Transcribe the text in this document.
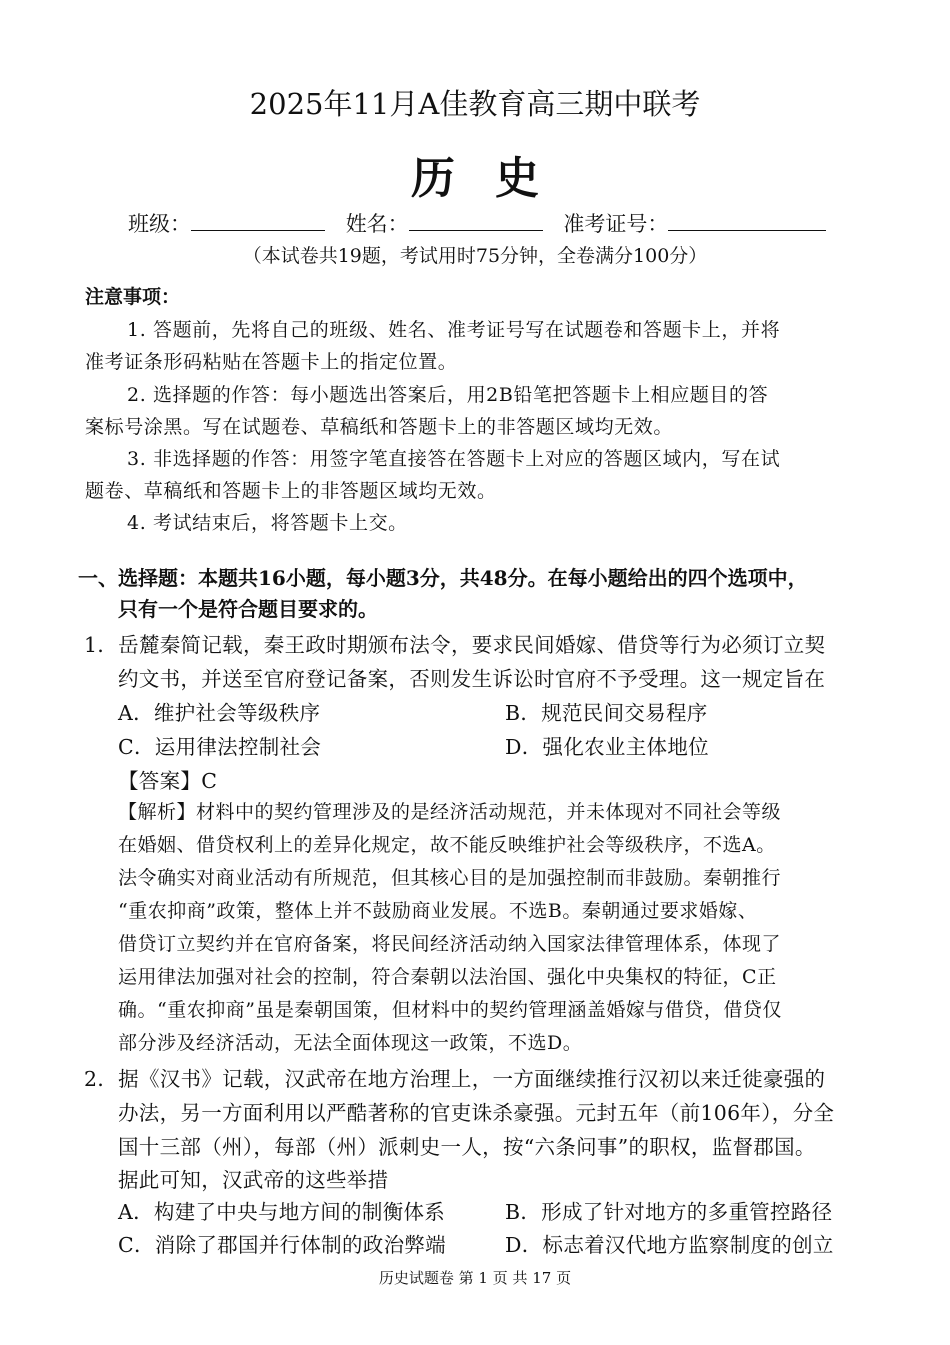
2025年11月A佳教育高三期中联考
历史
班级：	姓名：	准考证号：
（本试卷共19题，考试用时75分钟，全卷满分100分）
注意事项：
1. 答题前，先将自己的班级、姓名、准考证号写在试题卷和答题卡上，并将
准考证条形码粘贴在答题卡上的指定位置。
2. 选择题的作答：每小题选出答案后，用2B铅笔把答题卡上相应题目的答
案标号涂黑。写在试题卷、草稿纸和答题卡上的非答题区域均无效。
3. 非选择题的作答：用签字笔直接答在答题卡上对应的答题区域内，写在试
题卷、草稿纸和答题卡上的非答题区域均无效。
4. 考试结束后，将答题卡上交。
一、选择题：本题共16小题，每小题3分，共48分。在每小题给出的四个选项中，
只有一个是符合题目要求的。
1．岳麓秦简记载，秦王政时期颁布法令，要求民间婚嫁、借贷等行为必须订立契
约文书，并送至官府登记备案，否则发生诉讼时官府不予受理。这一规定旨在
A．维护社会等级秩序	B．规范民间交易程序
C．运用律法控制社会	D．强化农业主体地位
【答案】C
【解析】材料中的契约管理涉及的是经济活动规范，并未体现对不同社会等级
在婚姻、借贷权利上的差异化规定，故不能反映维护社会等级秩序，不选A。
法令确实对商业活动有所规范，但其核心目的是加强控制而非鼓励。秦朝推行
“重农抑商”政策，整体上并不鼓励商业发展。不选B。秦朝通过要求婚嫁、
借贷订立契约并在官府备案，将民间经济活动纳入国家法律管理体系，体现了
运用律法加强对社会的控制，符合秦朝以法治国、强化中央集权的特征，C正
确。“重农抑商”虽是秦朝国策，但材料中的契约管理涵盖婚嫁与借贷，借贷仅
部分涉及经济活动，无法全面体现这一政策，不选D。
2．据《汉书》记载，汉武帝在地方治理上，一方面继续推行汉初以来迁徙豪强的
办法，另一方面利用以严酷著称的官吏诛杀豪强。元封五年（前106年），分全
国十三部（州），每部（州）派刺史一人，按“六条问事”的职权，监督郡国。
据此可知，汉武帝的这些举措
A．构建了中央与地方间的制衡体系	B．形成了针对地方的多重管控路径
C．消除了郡国并行体制的政治弊端	D．标志着汉代地方监察制度的创立
历史试题卷 第 1 页 共 17 页
